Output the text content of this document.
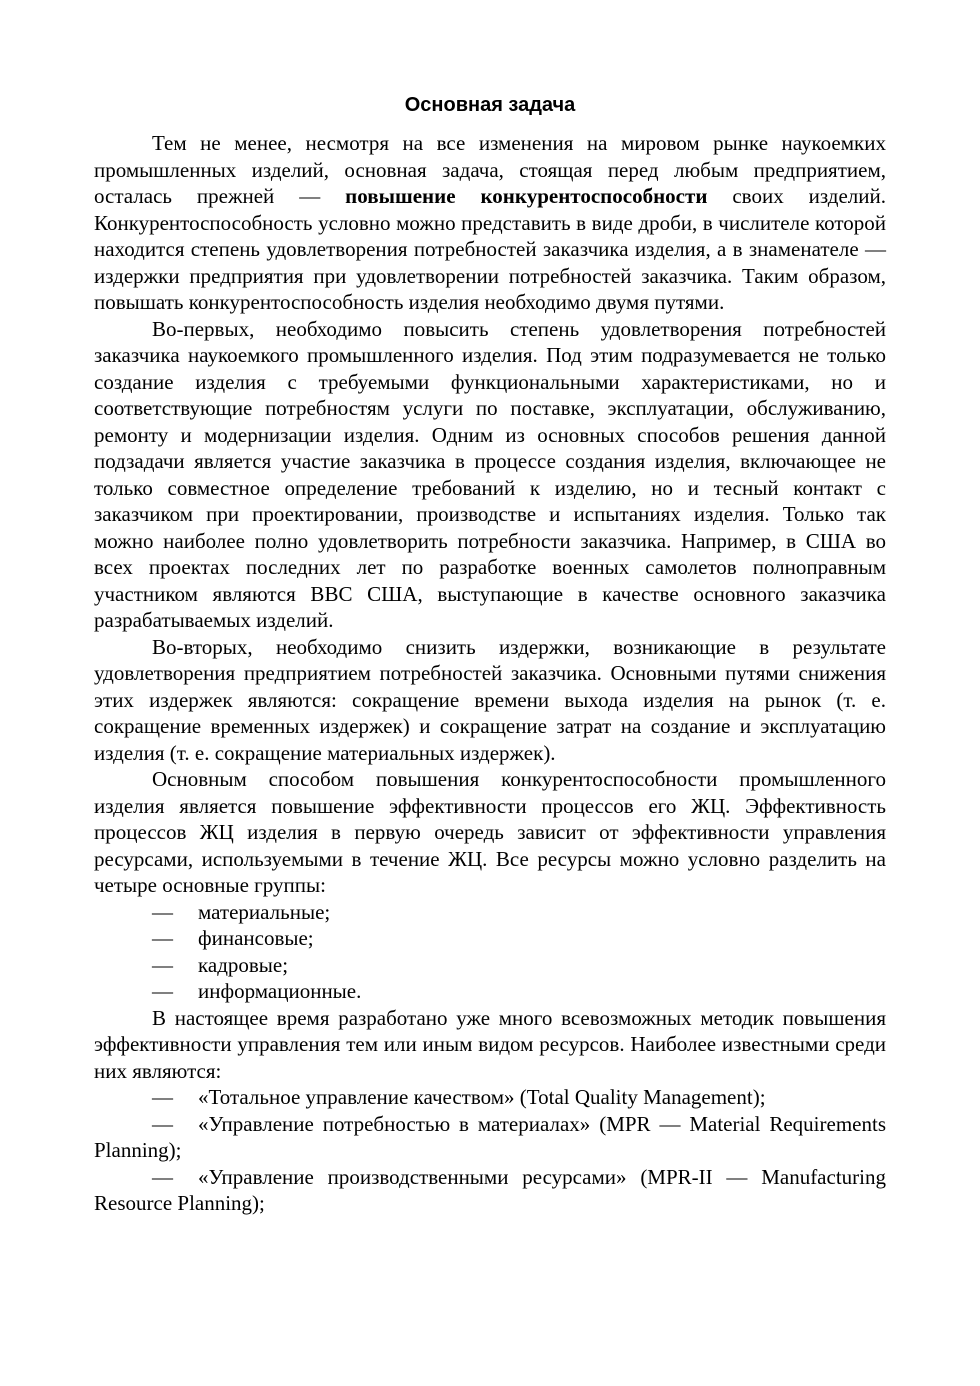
Основная задача

Тем не менее, несмотря на все изменения на мировом рынке наукоемких промышленных изделий, основная задача, стоящая перед любым предприятием, осталась прежней — повышение конкурентоспособности своих изделий. Конкурентоспособность условно можно представить в виде дроби, в числителе которой находится степень удовлетворения потребностей заказчика изделия, а в знаменателе — издержки предприятия при удовлетворении потребностей заказчика. Таким образом, повышать конкурентоспособность изделия необходимо двумя путями.

Во-первых, необходимо повысить степень удовлетворения потребностей заказчика наукоемкого промышленного изделия. Под этим подразумевается не только создание изделия с требуемыми функциональными характеристиками, но и соответствующие потребностям услуги по поставке, эксплуатации, обслуживанию, ремонту и модернизации изделия. Одним из основных способов решения данной подзадачи является участие заказчика в процессе создания изделия, включающее не только совместное определение требований к изделию, но и тесный контакт с заказчиком при проектировании, производстве и испытаниях изделия. Только так можно наиболее полно удовлетворить потребности заказчика. Например, в США во всех проектах последних лет по разработке военных самолетов полноправным участником являются ВВС США, выступающие в качестве основного заказчика разрабатываемых изделий.

Во-вторых, необходимо снизить издержки, возникающие в результате удовлетворения предприятием потребностей заказчика. Основными путями снижения этих издержек являются: сокращение времени выхода изделия на рынок (т. е. сокращение временных издержек) и сокращение затрат на создание и эксплуатацию изделия (т. е. сокращение материальных издержек).

Основным способом повышения конкурентоспособности промышленного изделия является повышение эффективности процессов его ЖЦ. Эффективность процессов ЖЦ изделия в первую очередь зависит от эффективности управления ресурсами, используемыми в течение ЖЦ. Все ресурсы можно условно разделить на четыре основные группы:

— материальные;
— финансовые;
— кадровые;
— информационные.

В настоящее время разработано уже много всевозможных методик повышения эффективности управления тем или иным видом ресурсов. Наиболее известными среди них являются:

— «Тотальное управление качеством» (Total Quality Management);

— «Управление потребностью в материалах» (MPR — Material Requirements Planning);

— «Управление производственными ресурсами» (MPR-II — Manufacturing Resource Planning);
